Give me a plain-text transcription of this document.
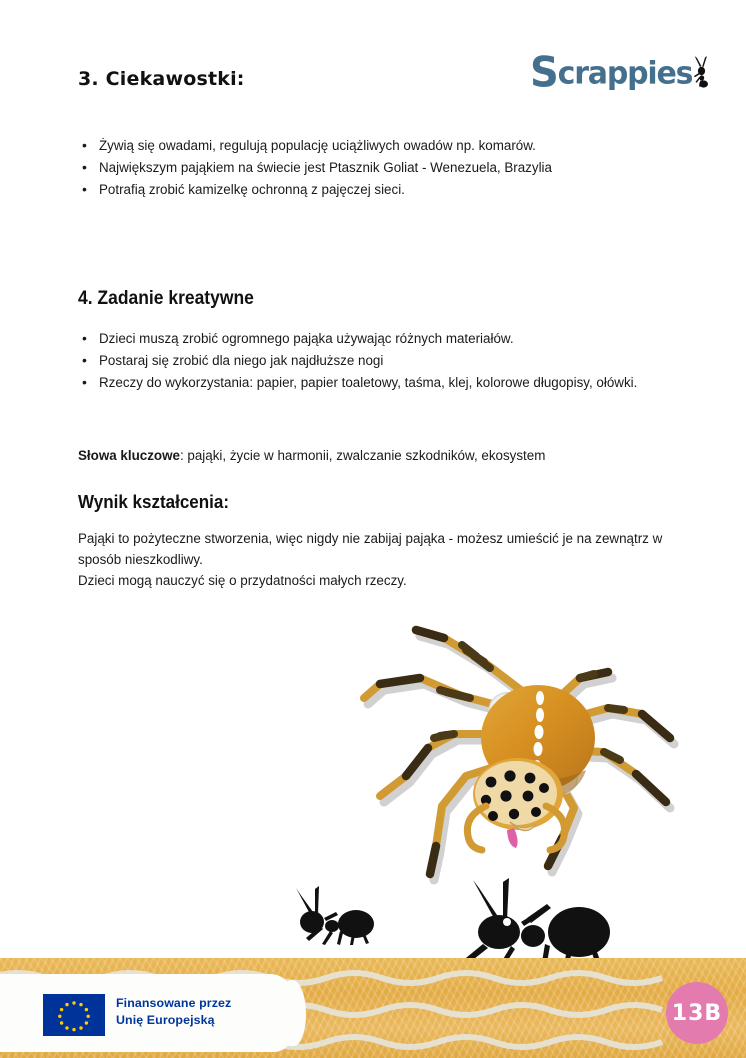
Scrappies
3. Ciekawostki:
• Żywią się owadami, regulują populację uciążliwych owadów np. komarów.
• Największym pająkiem na świecie jest Ptasznik Goliat - Wenezuela, Brazylia
• Potrafią zrobić kamizelkę ochronną z pajęczej sieci.
4. Zadanie kreatywne
• Dzieci muszą zrobić ogromnego pająka używając różnych materiałów.
• Postaraj się zrobić dla niego jak najdłuższe nogi
• Rzeczy do wykorzystania: papier, papier toaletowy, taśma, klej, kolorowe długopisy, ołówki.
Słowa kluczowe: pająki, życie w harmonii, zwalczanie szkodników, ekosystem
Wynik kształcenia:
Pająki to pożyteczne stworzenia, więc nigdy nie zabijaj pająka - możesz umieścić je na zewnątrz w sposób nieszkodliwy.
Dzieci mogą nauczyć się o przydatności małych rzeczy.
Finansowane przez
Unię Europejską	13B
